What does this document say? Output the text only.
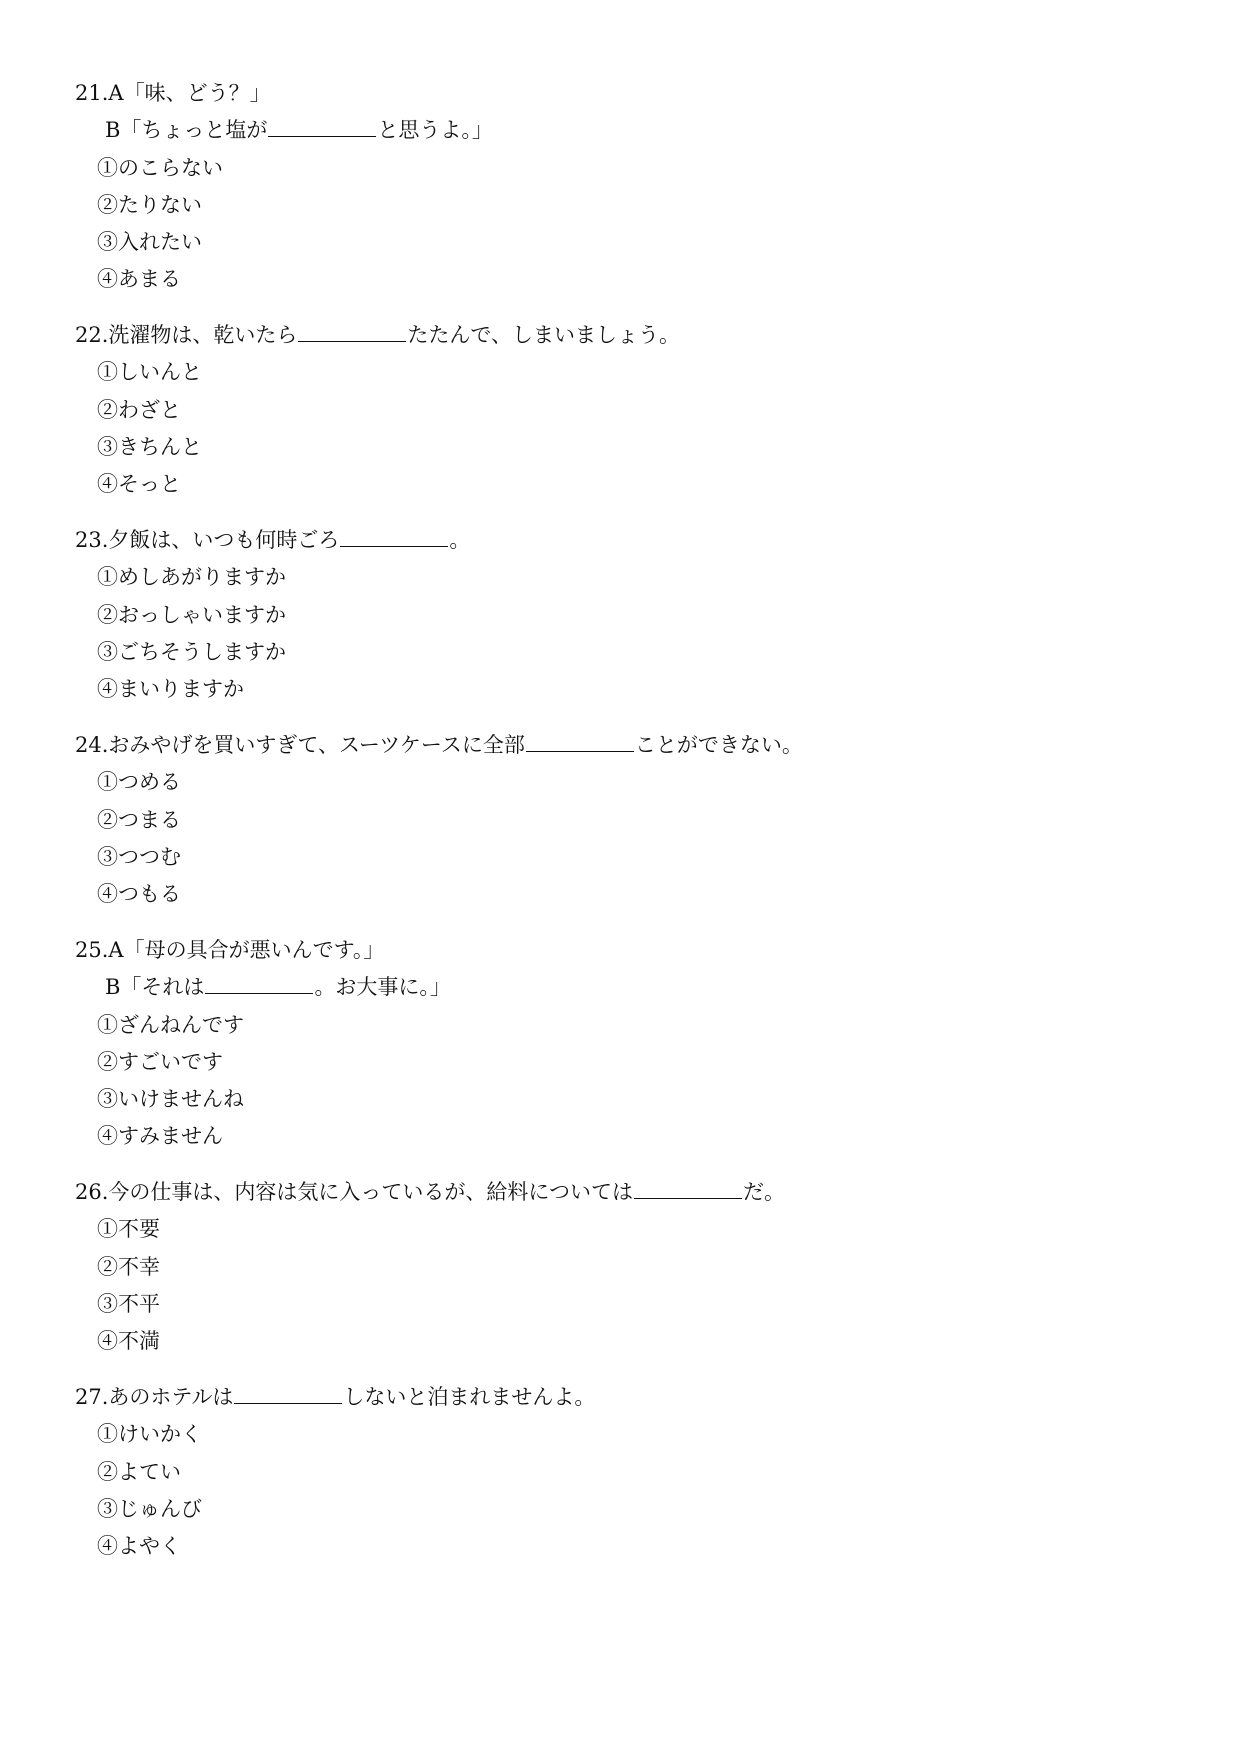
21.A「味、どう？」
B「ちょっと塩が	と思うよ。」
①のこらない
②たりない
③入れたい
④あまる
22.洗濯物は、乾いたら	たたんで、しまいましょう。
①しいんと
②わざと
③きちんと
④そっと
23.夕飯は、いつも何時ごろ	。
①めしあがりますか
②おっしゃいますか
③ごちそうしますか
④まいりますか
24.おみやげを買いすぎて、スーツケースに全部	ことができない。
①つめる
②つまる
③つつむ
④つもる
25.A「母の具合が悪いんです。」
B「それは	。お大事に。」
①ざんねんです
②すごいです
③いけませんね
④すみません
26.今の仕事は、内容は気に入っているが、給料については	だ。
①不要
②不幸
③不平
④不満
27.あのホテルは	しないと泊まれませんよ。
①けいかく
②よてい
③じゅんび
④よやく
